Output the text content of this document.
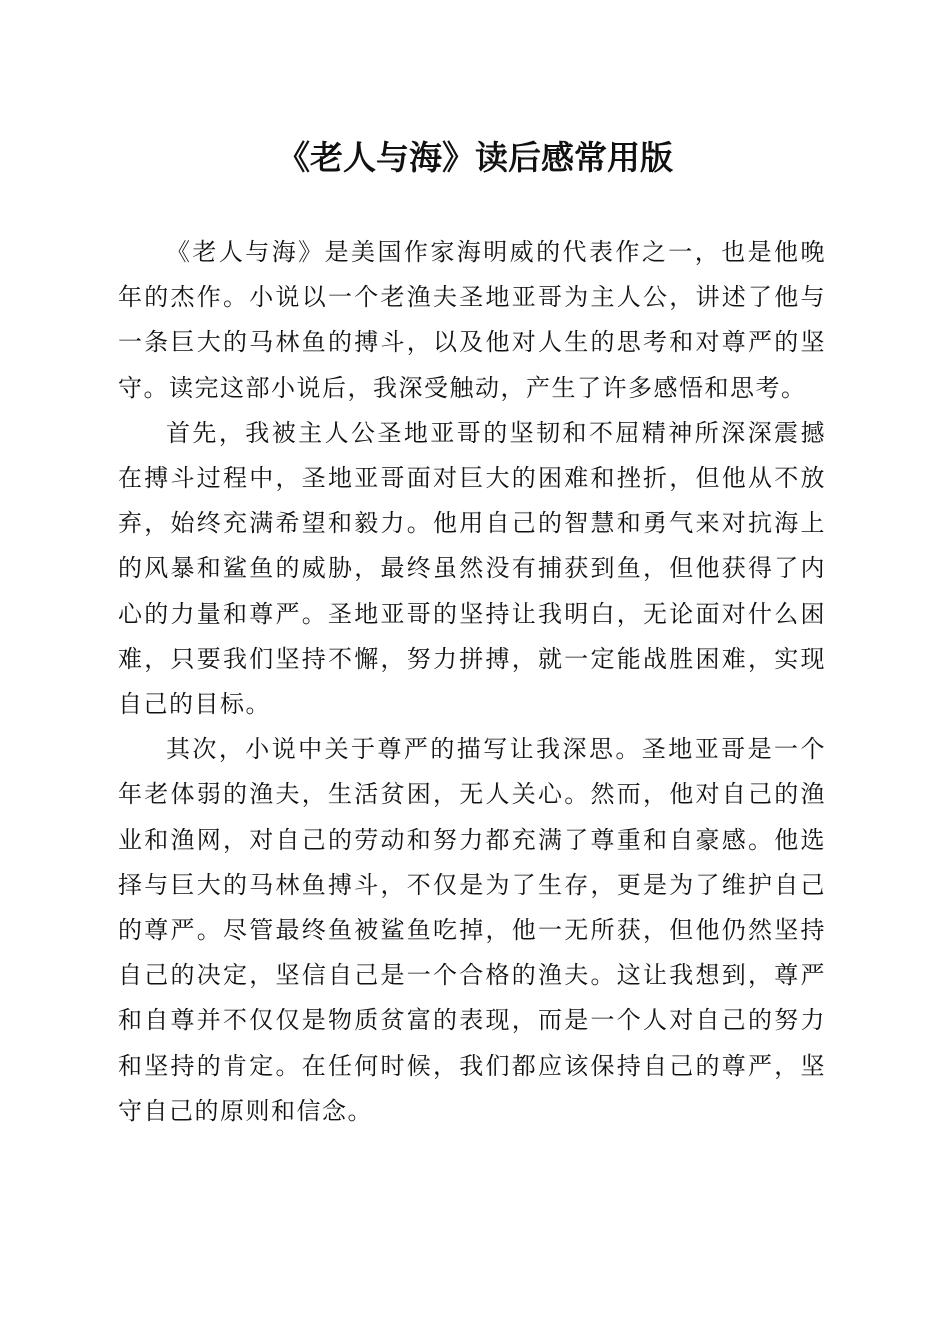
《老人与海》读后感常用版

《老人与海》是美国作家海明威的代表作之一，也是他晚年的杰作。小说以一个老渔夫圣地亚哥为主人公，讲述了他与一条巨大的马林鱼的搏斗，以及他对人生的思考和对尊严的坚守。读完这部小说后，我深受触动，产生了许多感悟和思考。

首先，我被主人公圣地亚哥的坚韧和不屈精神所深深震撼在搏斗过程中，圣地亚哥面对巨大的困难和挫折，但他从不放弃，始终充满希望和毅力。他用自己的智慧和勇气来对抗海上的风暴和鲨鱼的威胁，最终虽然没有捕获到鱼，但他获得了内心的力量和尊严。圣地亚哥的坚持让我明白，无论面对什么困难，只要我们坚持不懈，努力拼搏，就一定能战胜困难，实现自己的目标。

其次，小说中关于尊严的描写让我深思。圣地亚哥是一个年老体弱的渔夫，生活贫困，无人关心。然而，他对自己的渔业和渔网，对自己的劳动和努力都充满了尊重和自豪感。他选择与巨大的马林鱼搏斗，不仅是为了生存，更是为了维护自己的尊严。尽管最终鱼被鲨鱼吃掉，他一无所获，但他仍然坚持自己的决定，坚信自己是一个合格的渔夫。这让我想到，尊严和自尊并不仅仅是物质贫富的表现，而是一个人对自己的努力和坚持的肯定。在任何时候，我们都应该保持自己的尊严，坚守自己的原则和信念。
